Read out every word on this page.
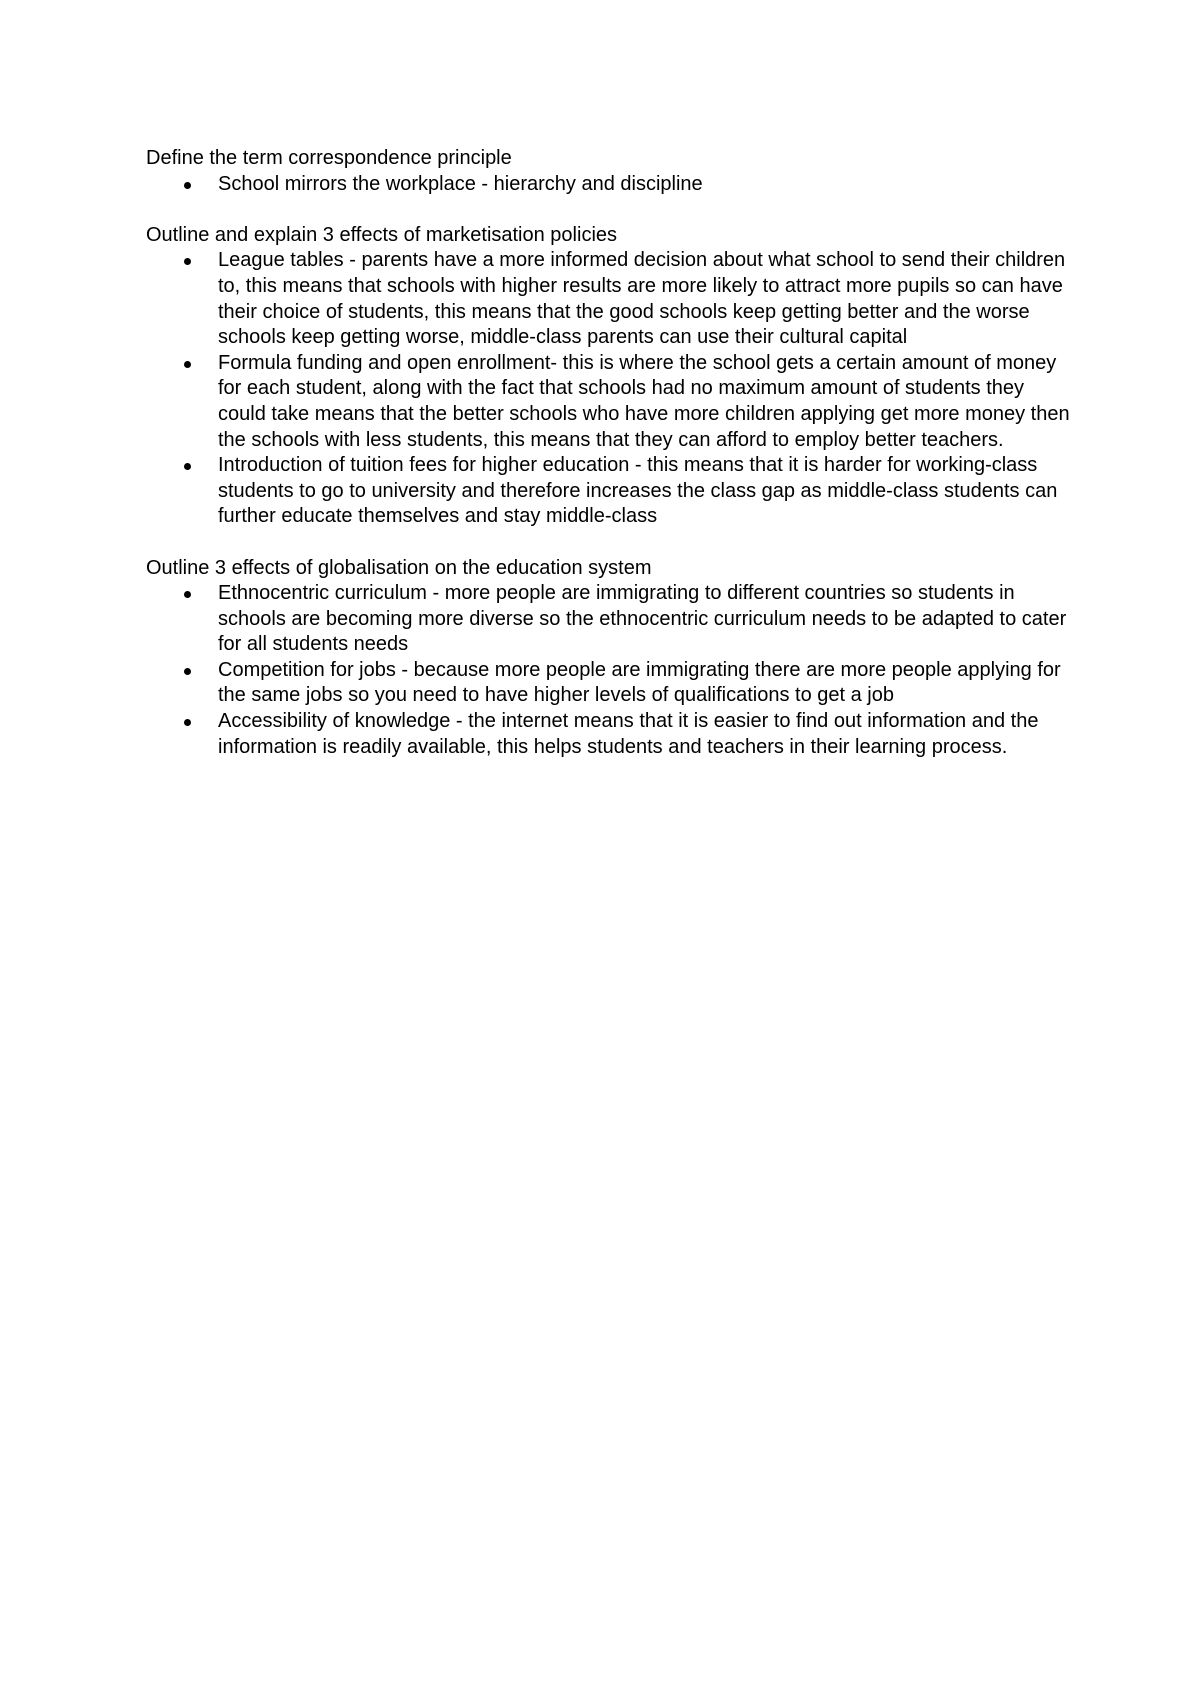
Define the term correspondence principle

School mirrors the workplace - hierarchy and discipline

Outline and explain 3 effects of marketisation policies

League tables - parents have a more informed decision about what school to send their children to, this means that schools with higher results are more likely to attract more pupils so can have their choice of students, this means that the good schools keep getting better and the worse schools keep getting worse, middle-class parents can use their cultural capital
Formula funding and open enrollment- this is where the school gets a certain amount of money for each student, along with the fact that schools had no maximum amount of students they could take means that the better schools who have more children applying get more money then the schools with less students, this means that they can afford to employ better teachers.
Introduction of tuition fees for higher education - this means that it is harder for working-class students to go to university and therefore increases the class gap as middle-class students can further educate themselves and stay middle-class

Outline 3 effects of globalisation on the education system

Ethnocentric curriculum - more people are immigrating to different countries so students in schools are becoming more diverse so the ethnocentric curriculum needs to be adapted to cater for all students needs
Competition for jobs - because more people are immigrating there are more people applying for the same jobs so you need to have higher levels of qualifications to get a job
Accessibility of knowledge - the internet means that it is easier to find out information and the information is readily available, this helps students and teachers in their learning process.
